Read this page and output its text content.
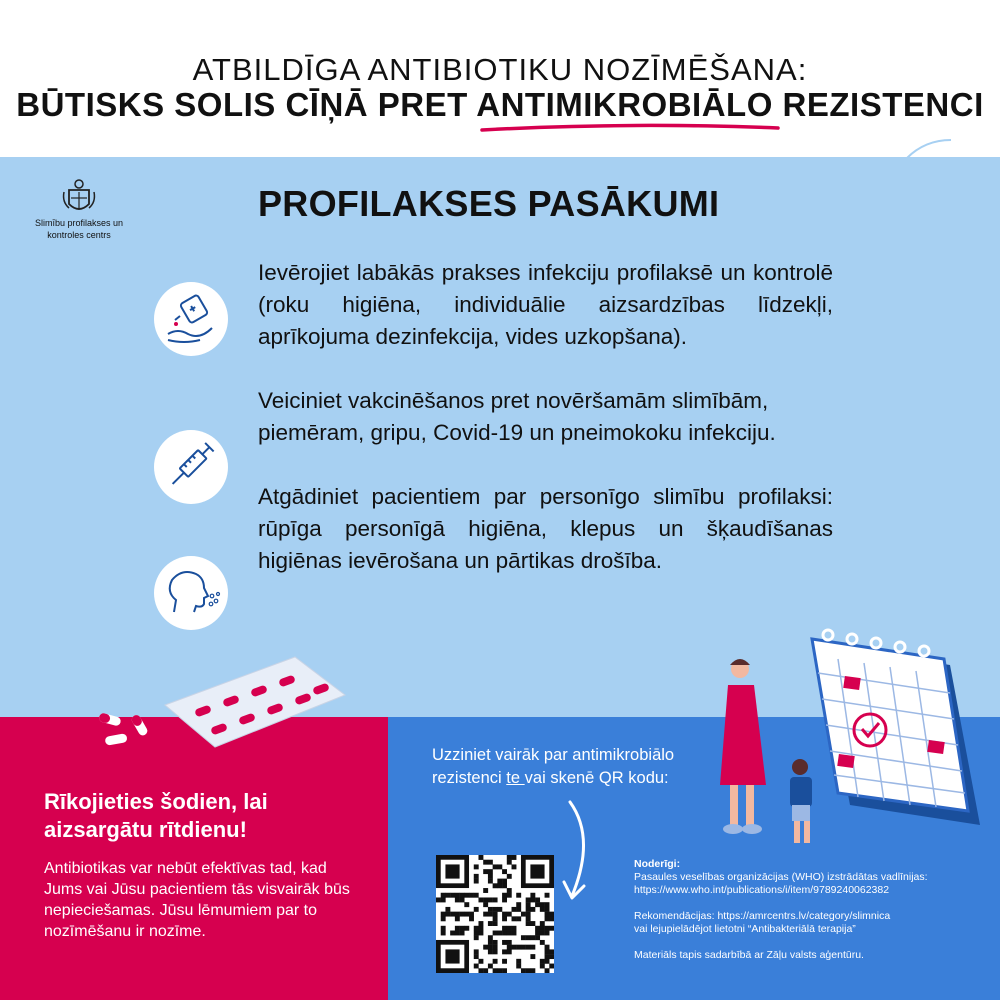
ATBILDĪGA ANTIBIOTIKU NOZĪMĒŠANA:
BŪTISKS SOLIS CĪŅĀ PRET ANTIMIKROBIĀLO REZISTENCI
Slimību profilakses un
kontroles centrs
PROFILAKSES PASĀKUMI
Ievērojiet labākās prakses infekciju profilaksē un kontrolē (roku higiēna, individuālie aizsardzības līdzekļi, aprīkojuma dezinfekcija, vides uzkopšana).
Veiciniet vakcinēšanos pret novēršamām slimībām, piemēram, gripu, Covid-19 un pneimokoku infekciju.
Atgādiniet pacientiem par personīgo slimību profilaksi: rūpīga personīgā higiēna, klepus un šķaudīšanas higiēnas ievērošana un pārtikas drošība.
Rīkojieties šodien, lai
aizsargātu rītdienu!
Antibiotikas var nebūt efektīvas tad, kad Jums vai Jūsu pacientiem tās visvairāk būs nepieciešamas. Jūsu lēmumiem par to nozīmēšanu ir nozīme.
Uzziniet vairāk par antimikrobiālo rezistenci te vai skenē QR kodu:
Noderīgi:
Pasaules veselības organizācijas (WHO) izstrādātas vadlīnijas:
https://www.who.int/publications/i/item/9789240062382
Rekomendācijas: https://amrcentrs.lv/category/slimnica
vai lejupielādējot lietotni “Antibakteriālā terapija”
Materiāls tapis sadarbībā ar Zāļu valsts aģentūru.
